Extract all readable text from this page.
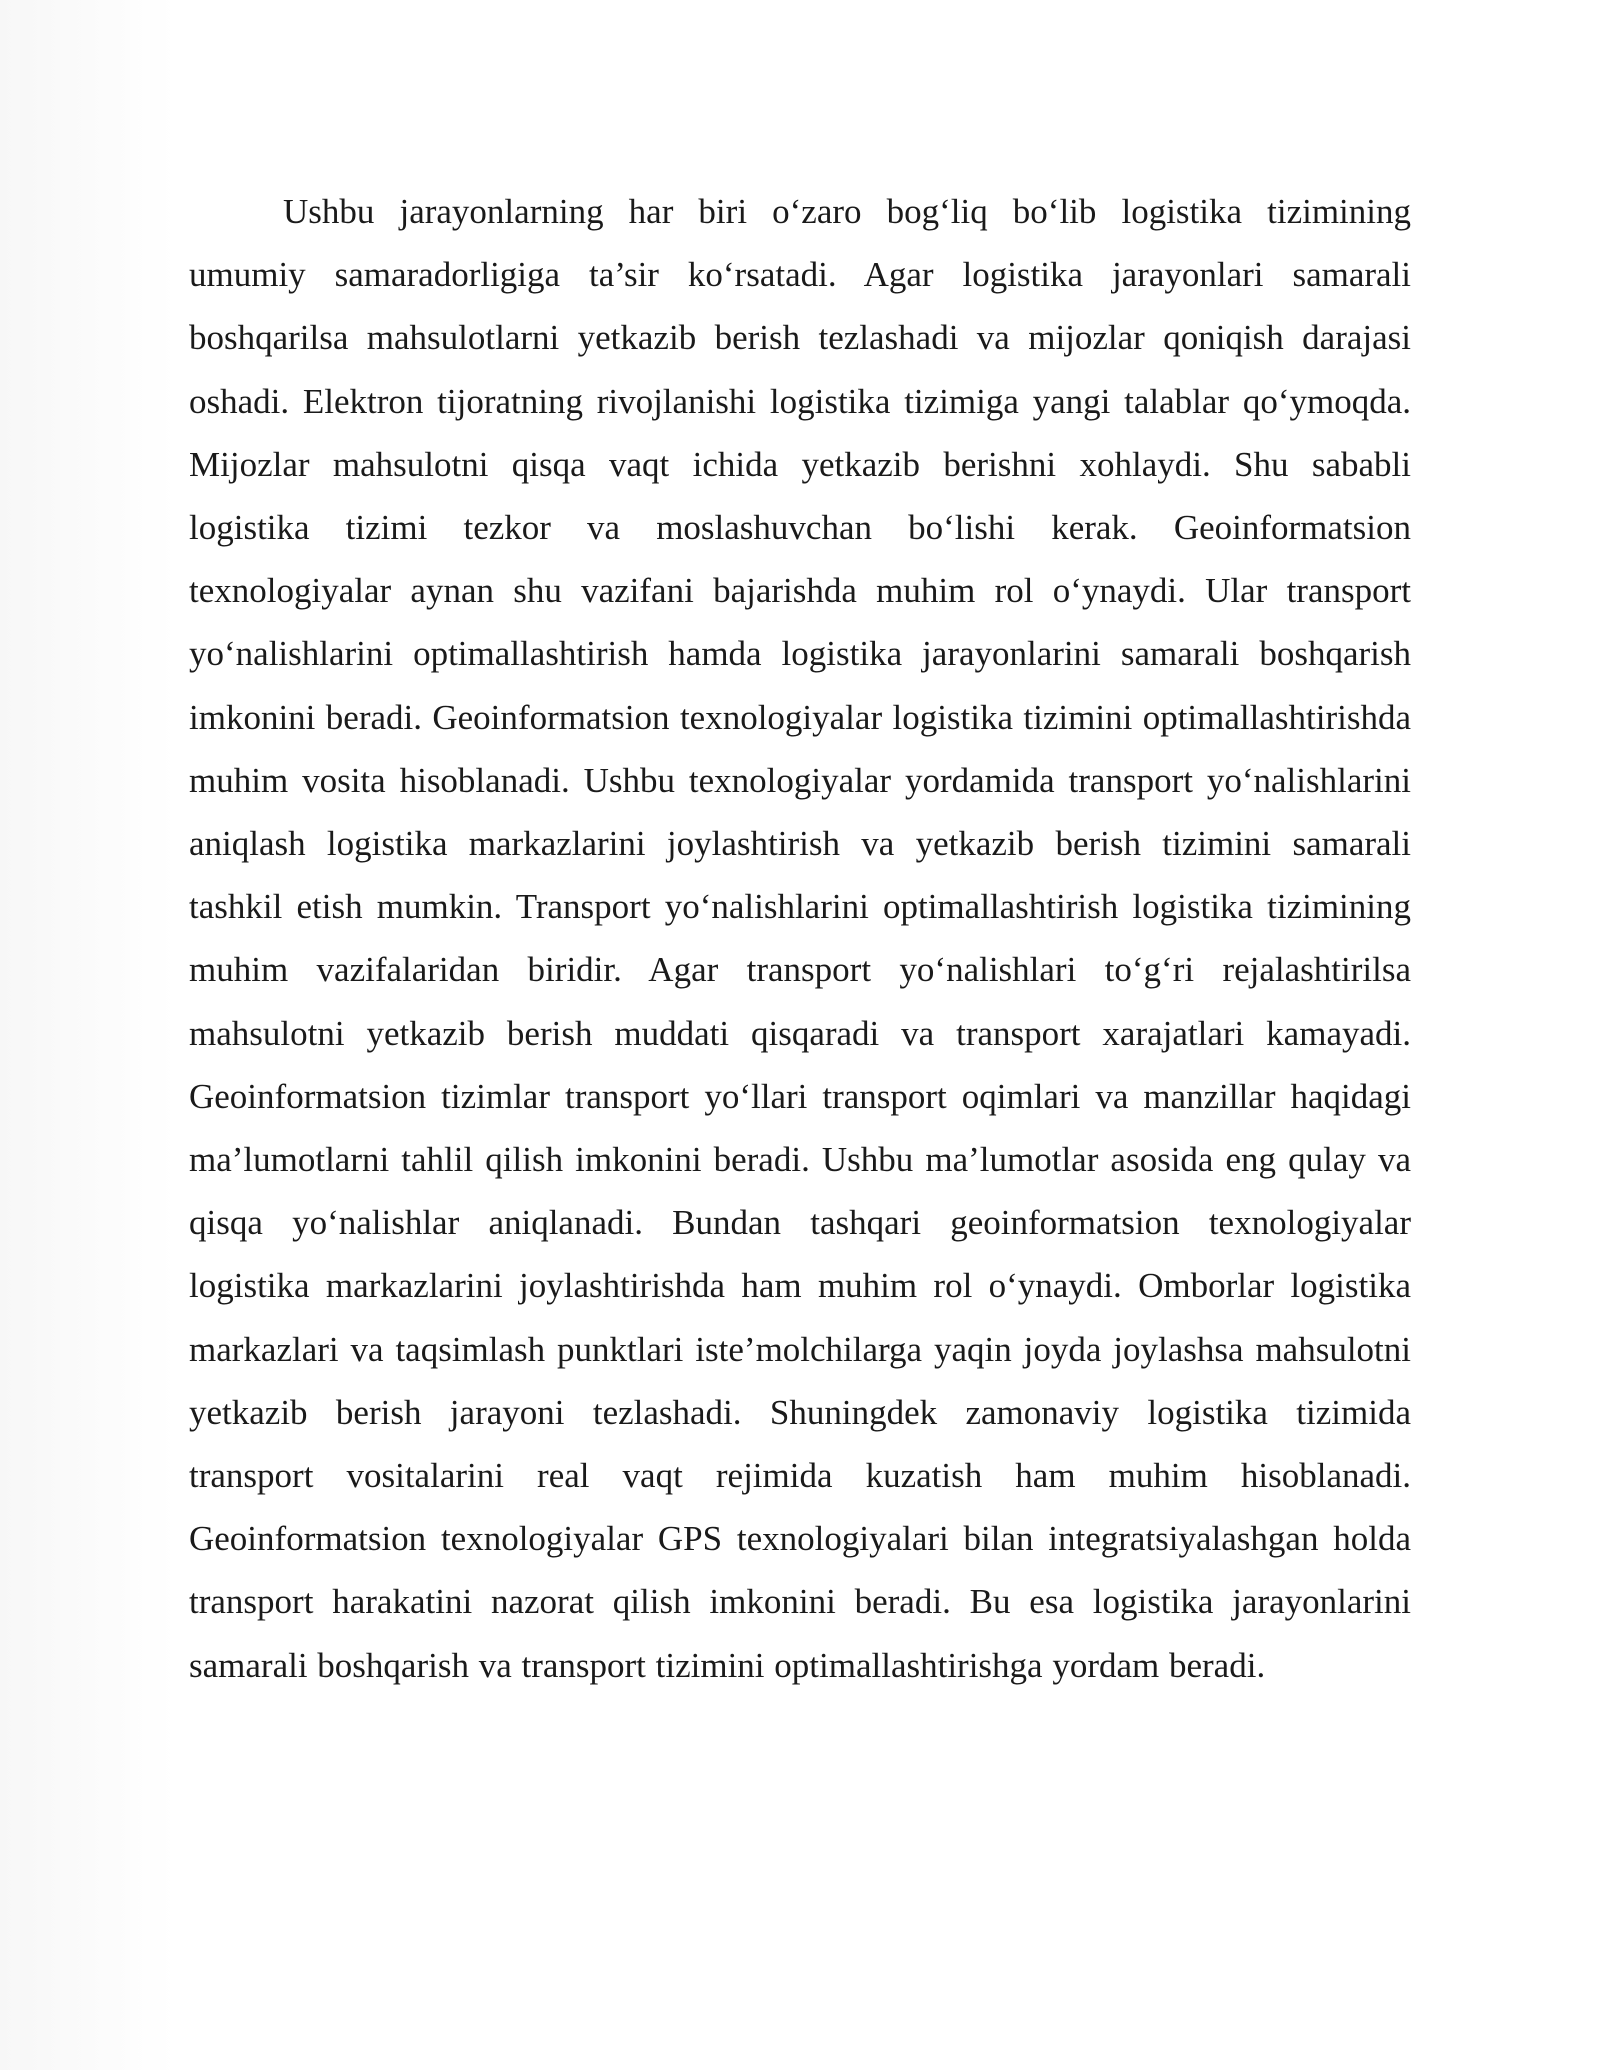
Ushbu jarayonlarning har biri o‘zaro bog‘liq bo‘lib logistika tizimining umumiy samaradorligiga ta’sir ko‘rsatadi. Agar logistika jarayonlari samarali boshqarilsa mahsulotlarni yetkazib berish tezlashadi va mijozlar qoniqish darajasi oshadi. Elektron tijoratning rivojlanishi logistika tizimiga yangi talablar qo‘ymoqda. Mijozlar mahsulotni qisqa vaqt ichida yetkazib berishni xohlaydi. Shu sababli logistika tizimi tezkor va moslashuvchan bo‘lishi kerak. Geoinformatsion texnologiyalar aynan shu vazifani bajarishda muhim rol o‘ynaydi. Ular transport yo‘nalishlarini optimallashtirish hamda logistika jarayonlarini samarali boshqarish imkonini beradi. Geoinformatsion texnologiyalar logistika tizimini optimallashtirishda muhim vosita hisoblanadi. Ushbu texnologiyalar yordamida transport yo‘nalishlarini aniqlash logistika markazlarini joylashtirish va yetkazib berish tizimini samarali tashkil etish mumkin. Transport yo‘nalishlarini optimallashtirish logistika tizimining muhim vazifalaridan biridir. Agar transport yo‘nalishlari to‘g‘ri rejalashtirilsa mahsulotni yetkazib berish muddati qisqaradi va transport xarajatlari kamayadi. Geoinformatsion tizimlar transport yo‘llari transport oqimlari va manzillar haqidagi ma’lumotlarni tahlil qilish imkonini beradi. Ushbu ma’lumotlar asosida eng qulay va qisqa yo‘nalishlar aniqlanadi. Bundan tashqari geoinformatsion texnologiyalar logistika markazlarini joylashtirishda ham muhim rol o‘ynaydi. Omborlar logistika markazlari va taqsimlash punktlari iste’molchilarga yaqin joyda joylashsa mahsulotni yetkazib berish jarayoni tezlashadi. Shuningdek zamonaviy logistika tizimida transport vositalarini real vaqt rejimida kuzatish ham muhim hisoblanadi. Geoinformatsion texnologiyalar GPS texnologiyalari bilan integratsiyalashgan holda transport harakatini nazorat qilish imkonini beradi. Bu esa logistika jarayonlarini samarali boshqarish va transport tizimini optimallashtirishga yordam beradi.
